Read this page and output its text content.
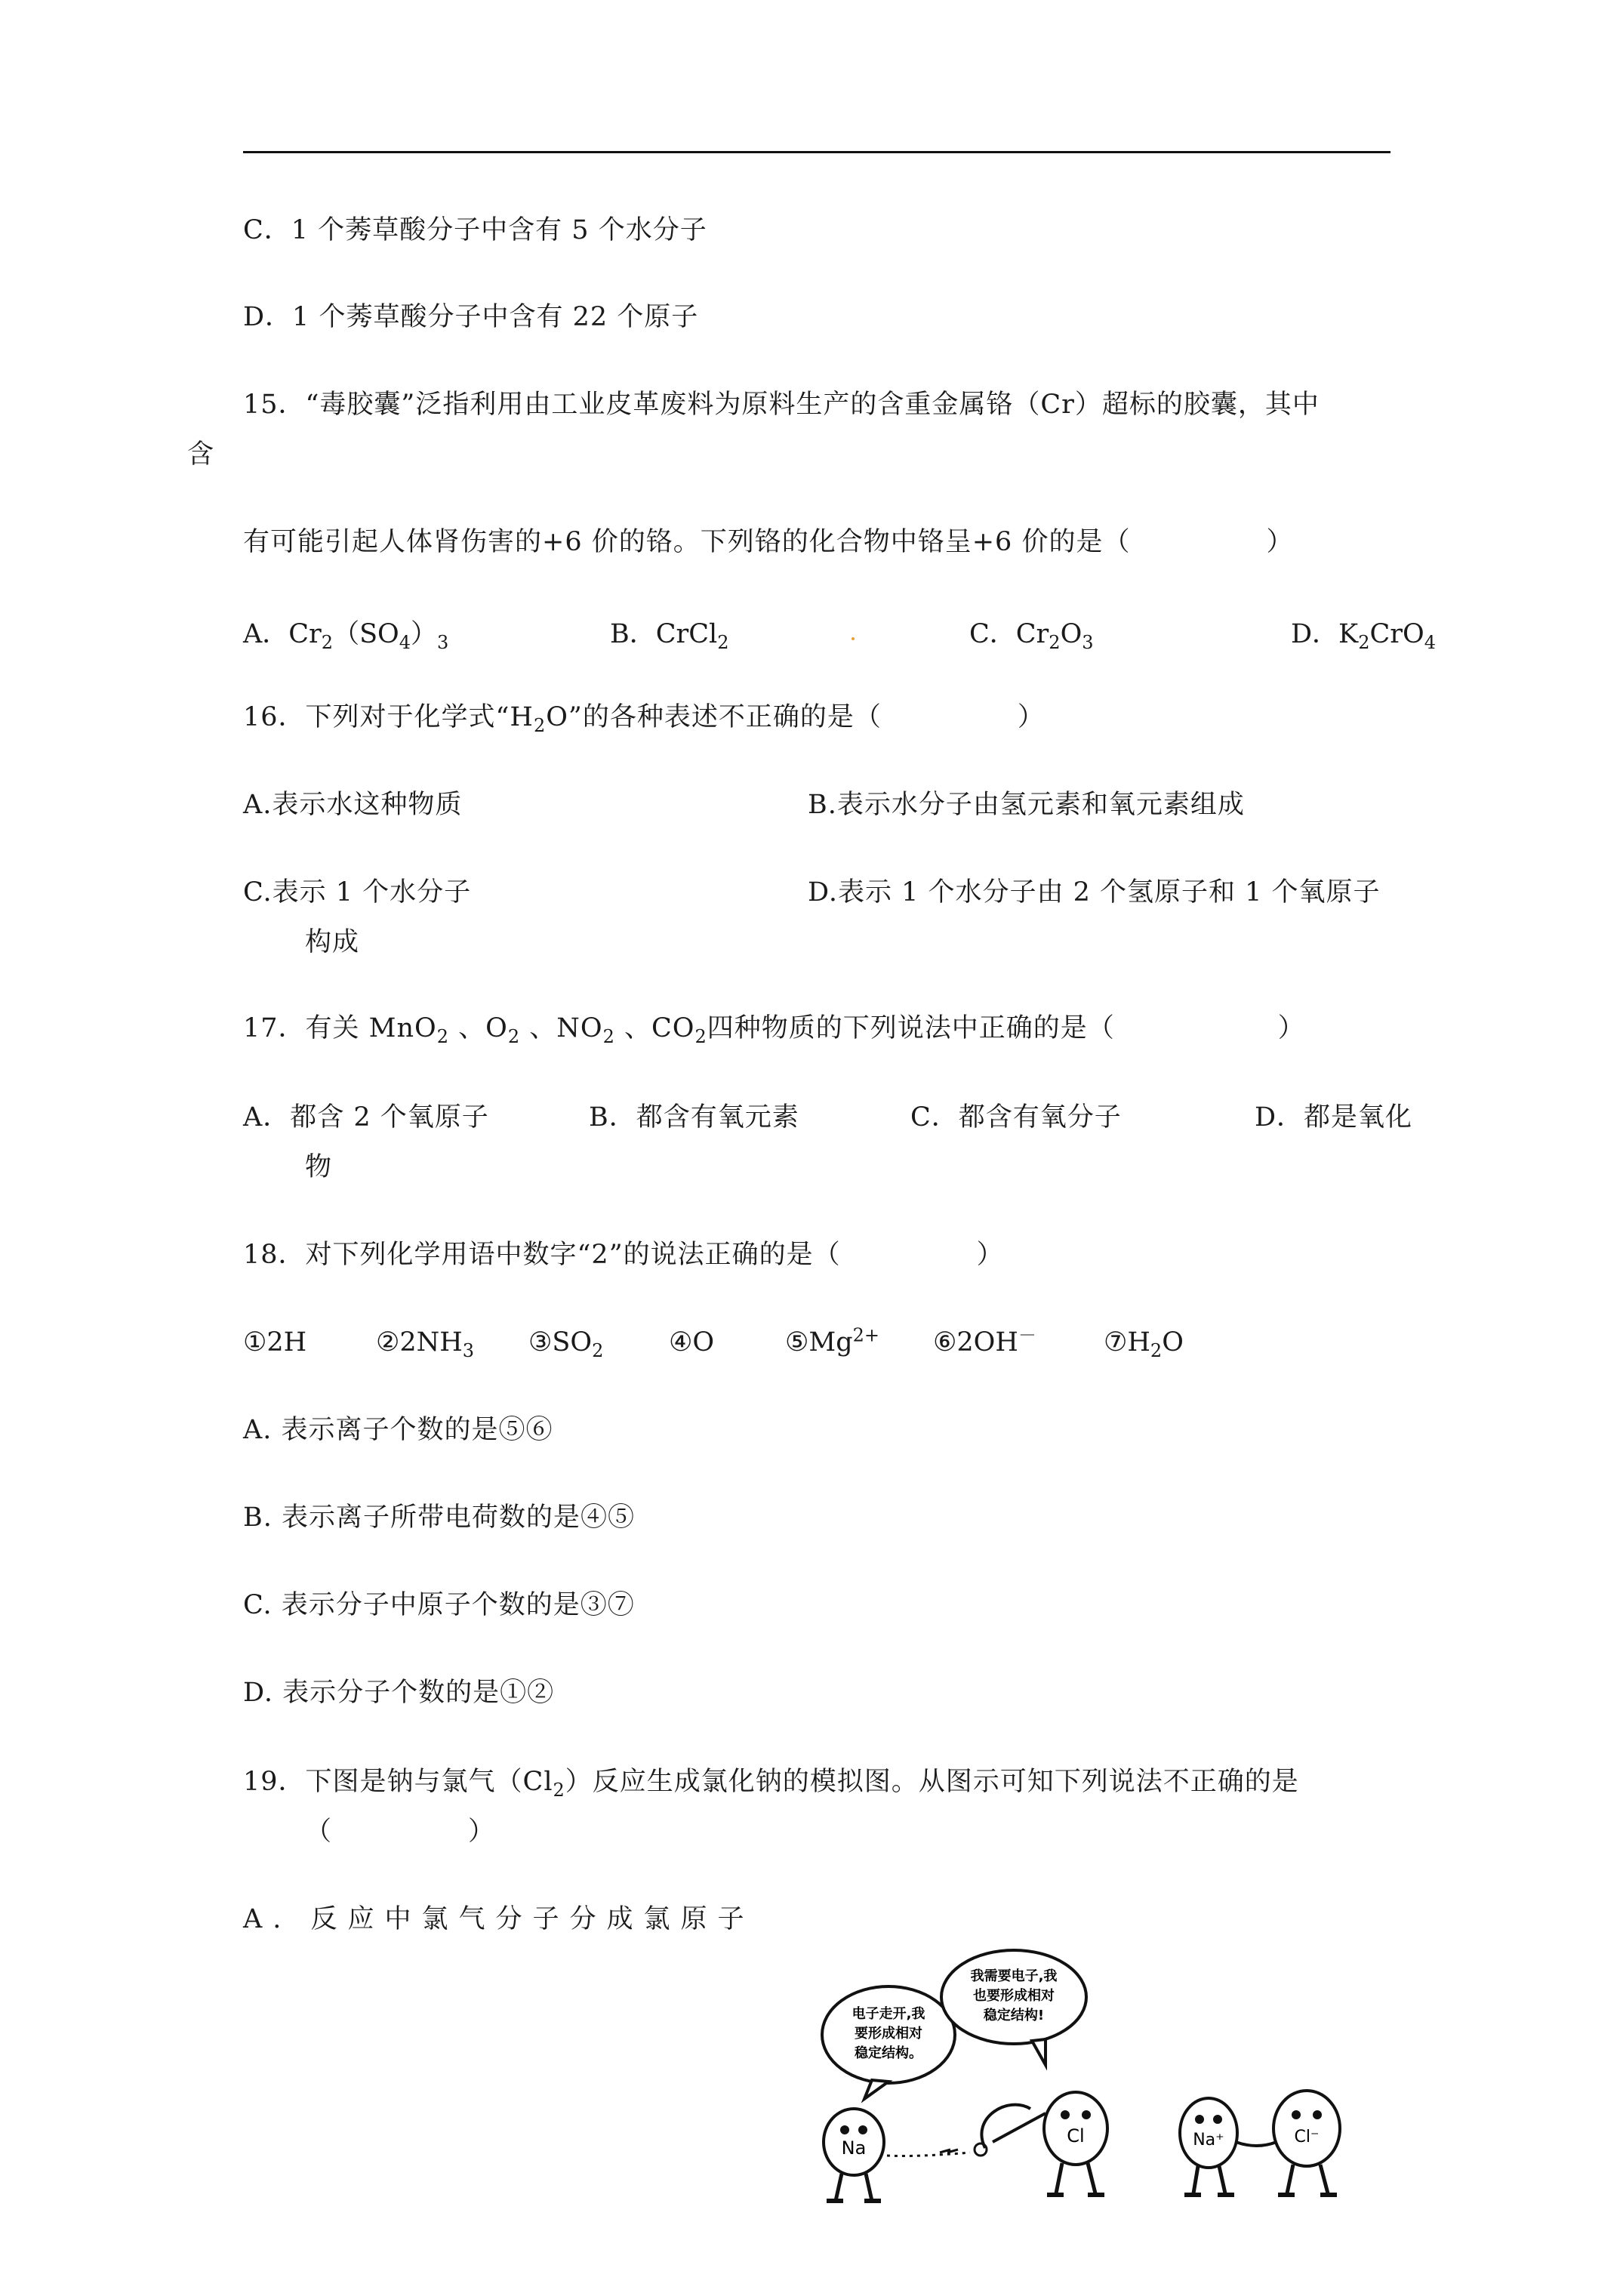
C．1 个莠草酸分子中含有 5 个水分子
D．1 个莠草酸分子中含有 22 个原子
15．“毒胶囊”泛指利用由工业皮革废料为原料生产的含重金属铬（Cr）超标的胶囊，其中
含
有可能引起人体肾伤害的+6 价的铬。下列铬的化合物中铬呈+6 价的是（　　　　　）
A．$Cr_2(SO_4)_3$	B．CrCl$_2$	C．$Cr_2O_3$	D．$K_2CrO_4$
16．下列对于化学式“$H_2O$”的各种表述不正确的是（　　　　　）
A.表示水这种物质	B.表示水分子由氢元素和氧元素组成
C.表示 1 个水分子	D.表示 1 个水分子由 2 个氢原子和 1 个氧原子
构成
17．有关 MnO$_2$ 、$O_2$ 、$NO_2$ 、$CO_2$四种物质的下列说法中正确的是（　　　　　　）
A．都含 2 个氧原子	B．都含有氧元素	C．都含有氧分子	D．都是氧化
物
18．对下列化学用语中数字“2”的说法正确的是（　　　　　）
①2H	$②2NH_3$ $③SO_2$ ④O	$⑤Mg^{2+}$ ⑥2OH－	$⑦H_2O$
A. 表示离子个数的是⑤⑥
B. 表示离子所带电荷数的是④⑤
C. 表示分子中原子个数的是③⑦
D. 表示分子个数的是①②
19．下图是钠与氯气$(Cl_2)$反应生成氯化钠的模拟图。从图示可知下列说法不正确的是
（　　　　　）
A. 反应中氯气分子分成氯原子
电子走开,我
要形成相对
稳定结构。
我需要电子,我
也要形成相对
稳定结构!
Na
Cl	Na⁺	Cl⁻
